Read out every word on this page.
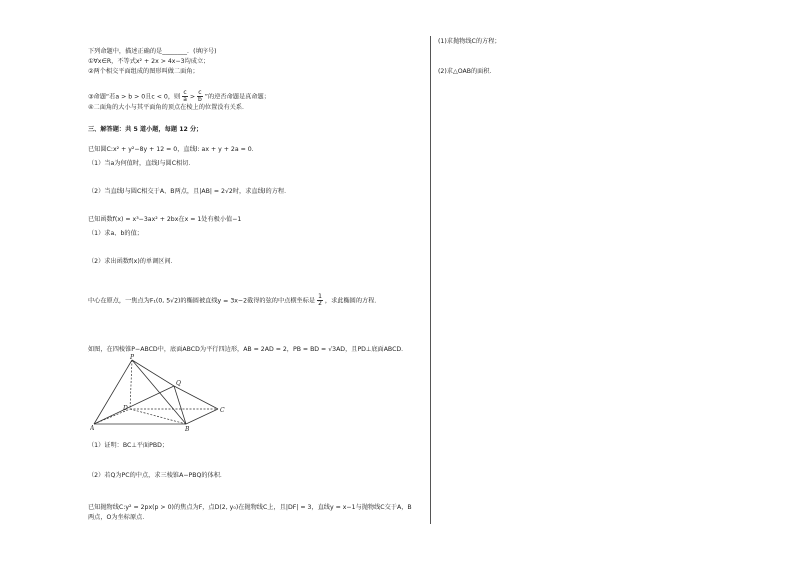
下列命题中，描述正确的是________．(填序号)
①∀x∈R，不等式x² + 2x > 4x−3均成立；
②两个相交平面组成的图形叫做二面角；
③命题“若a > b > 0且c < 0，则 $\frac{c}{a} > \frac{c}{b}$ ”的逆否命题是真命题；
④二面角的大小与其平面角的顶点在棱上的位置没有关系．
三、解答题：共 5 道小题，每题 12 分；
已知圆C:x² + y²−8y + 12 = 0，直线l: ax + y + 2a = 0．
（1）当a为何值时，直线l与圆C相切．
（2）当直线l与圆C相交于A、B两点，且|AB| = 2√2时，求直线l的方程．
已知函数f(x) = x³−3ax² + 2bx在x = 1处有极小值−1
（1）求a、b的值；
（2）求出函数f(x)的单调区间．
中心在原点，一焦点为F₁(0, 5√2)的椭圆被直线y = 3x−2截得的弦的中点横坐标是 $\frac{1}{2}$ ，求此椭圆的方程．
如图，在四棱锥P−ABCD中，底面ABCD为平行四边形，AB = 2AD = 2，PB = BD = √3AD，且PD⊥底面ABCD．
P
Q
D	C
A	B
（1）证明：BC⊥平面PBD；
（2）若Q为PC的中点，求三棱锥A−PBQ的体积．
已知抛物线C:y² = 2px(p > 0)的焦点为F，点D(2, y₀)在抛物线C上，且|DF| = 3，直线y = x−1与抛物线C交于A，B
两点，O为坐标原点．
(1)求抛物线C的方程；
(2)求△OAB的面积．
